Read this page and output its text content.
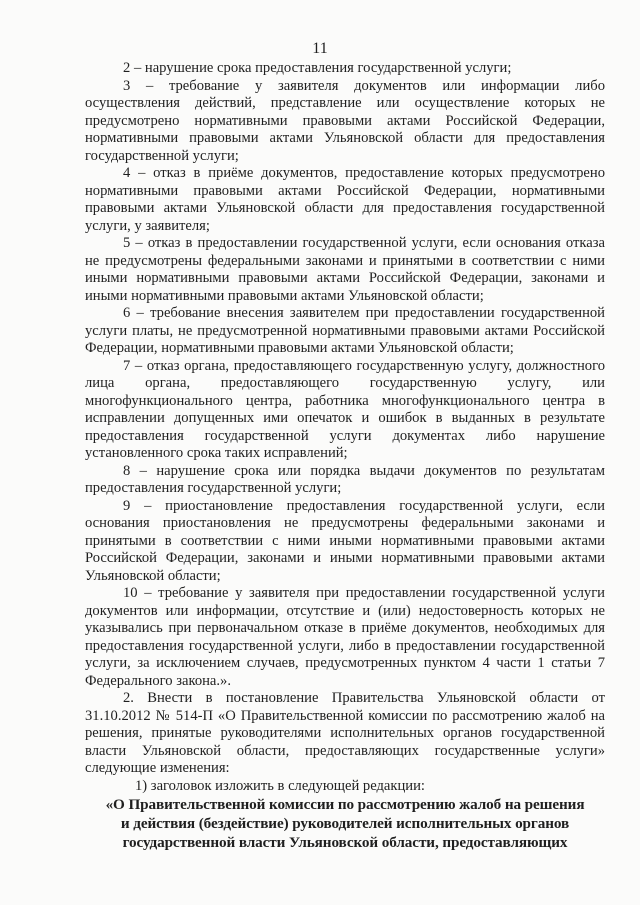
11

2 – нарушение срока предоставления государственной услуги;

3 – требование у заявителя документов или информации либо осуществления действий, представление или осуществление которых не предусмотрено нормативными правовыми актами Российской Федерации, нормативными правовыми актами Ульяновской области для предоставления государственной услуги;

4 – отказ в приёме документов, предоставление которых предусмотрено нормативными правовыми актами Российской Федерации, нормативными правовыми актами Ульяновской области для предоставления государственной услуги, у заявителя;

5 – отказ в предоставлении государственной услуги, если основания отказа не предусмотрены федеральными законами и принятыми в соответствии с ними иными нормативными правовыми актами Российской Федерации, законами и иными нормативными правовыми актами Ульяновской области;

6 – требование внесения заявителем при предоставлении государственной услуги платы, не предусмотренной нормативными правовыми актами Российской Федерации, нормативными правовыми актами Ульяновской области;

7 – отказ органа, предоставляющего государственную услугу, должностного лица органа, предоставляющего государственную услугу, или многофункционального центра, работника многофункционального центра в исправлении допущенных ими опечаток и ошибок в выданных в результате предоставления государственной услуги документах либо нарушение установленного срока таких исправлений;

8 – нарушение срока или порядка выдачи документов по результатам предоставления государственной услуги;

9 – приостановление предоставления государственной услуги, если основания приостановления не предусмотрены федеральными законами и принятыми в соответствии с ними иными нормативными правовыми актами Российской Федерации, законами и иными нормативными правовыми актами Ульяновской области;

10 – требование у заявителя при предоставлении государственной услуги документов или информации, отсутствие и (или) недостоверность которых не указывались при первоначальном отказе в приёме документов, необходимых для предоставления государственной услуги, либо в предоставлении государственной услуги, за исключением случаев, предусмотренных пунктом 4 части 1 статьи 7 Федерального закона.».

2. Внести в постановление Правительства Ульяновской области от 31.10.2012 № 514-П «О Правительственной комиссии по рассмотрению жалоб на решения, принятые руководителями исполнительных органов государственной власти Ульяновской области, предоставляющих государственные услуги» следующие изменения:

1) заголовок изложить в следующей редакции:

«О Правительственной комиссии по рассмотрению жалоб на решения
и действия (бездействие) руководителей исполнительных органов
государственной власти Ульяновской области, предоставляющих
